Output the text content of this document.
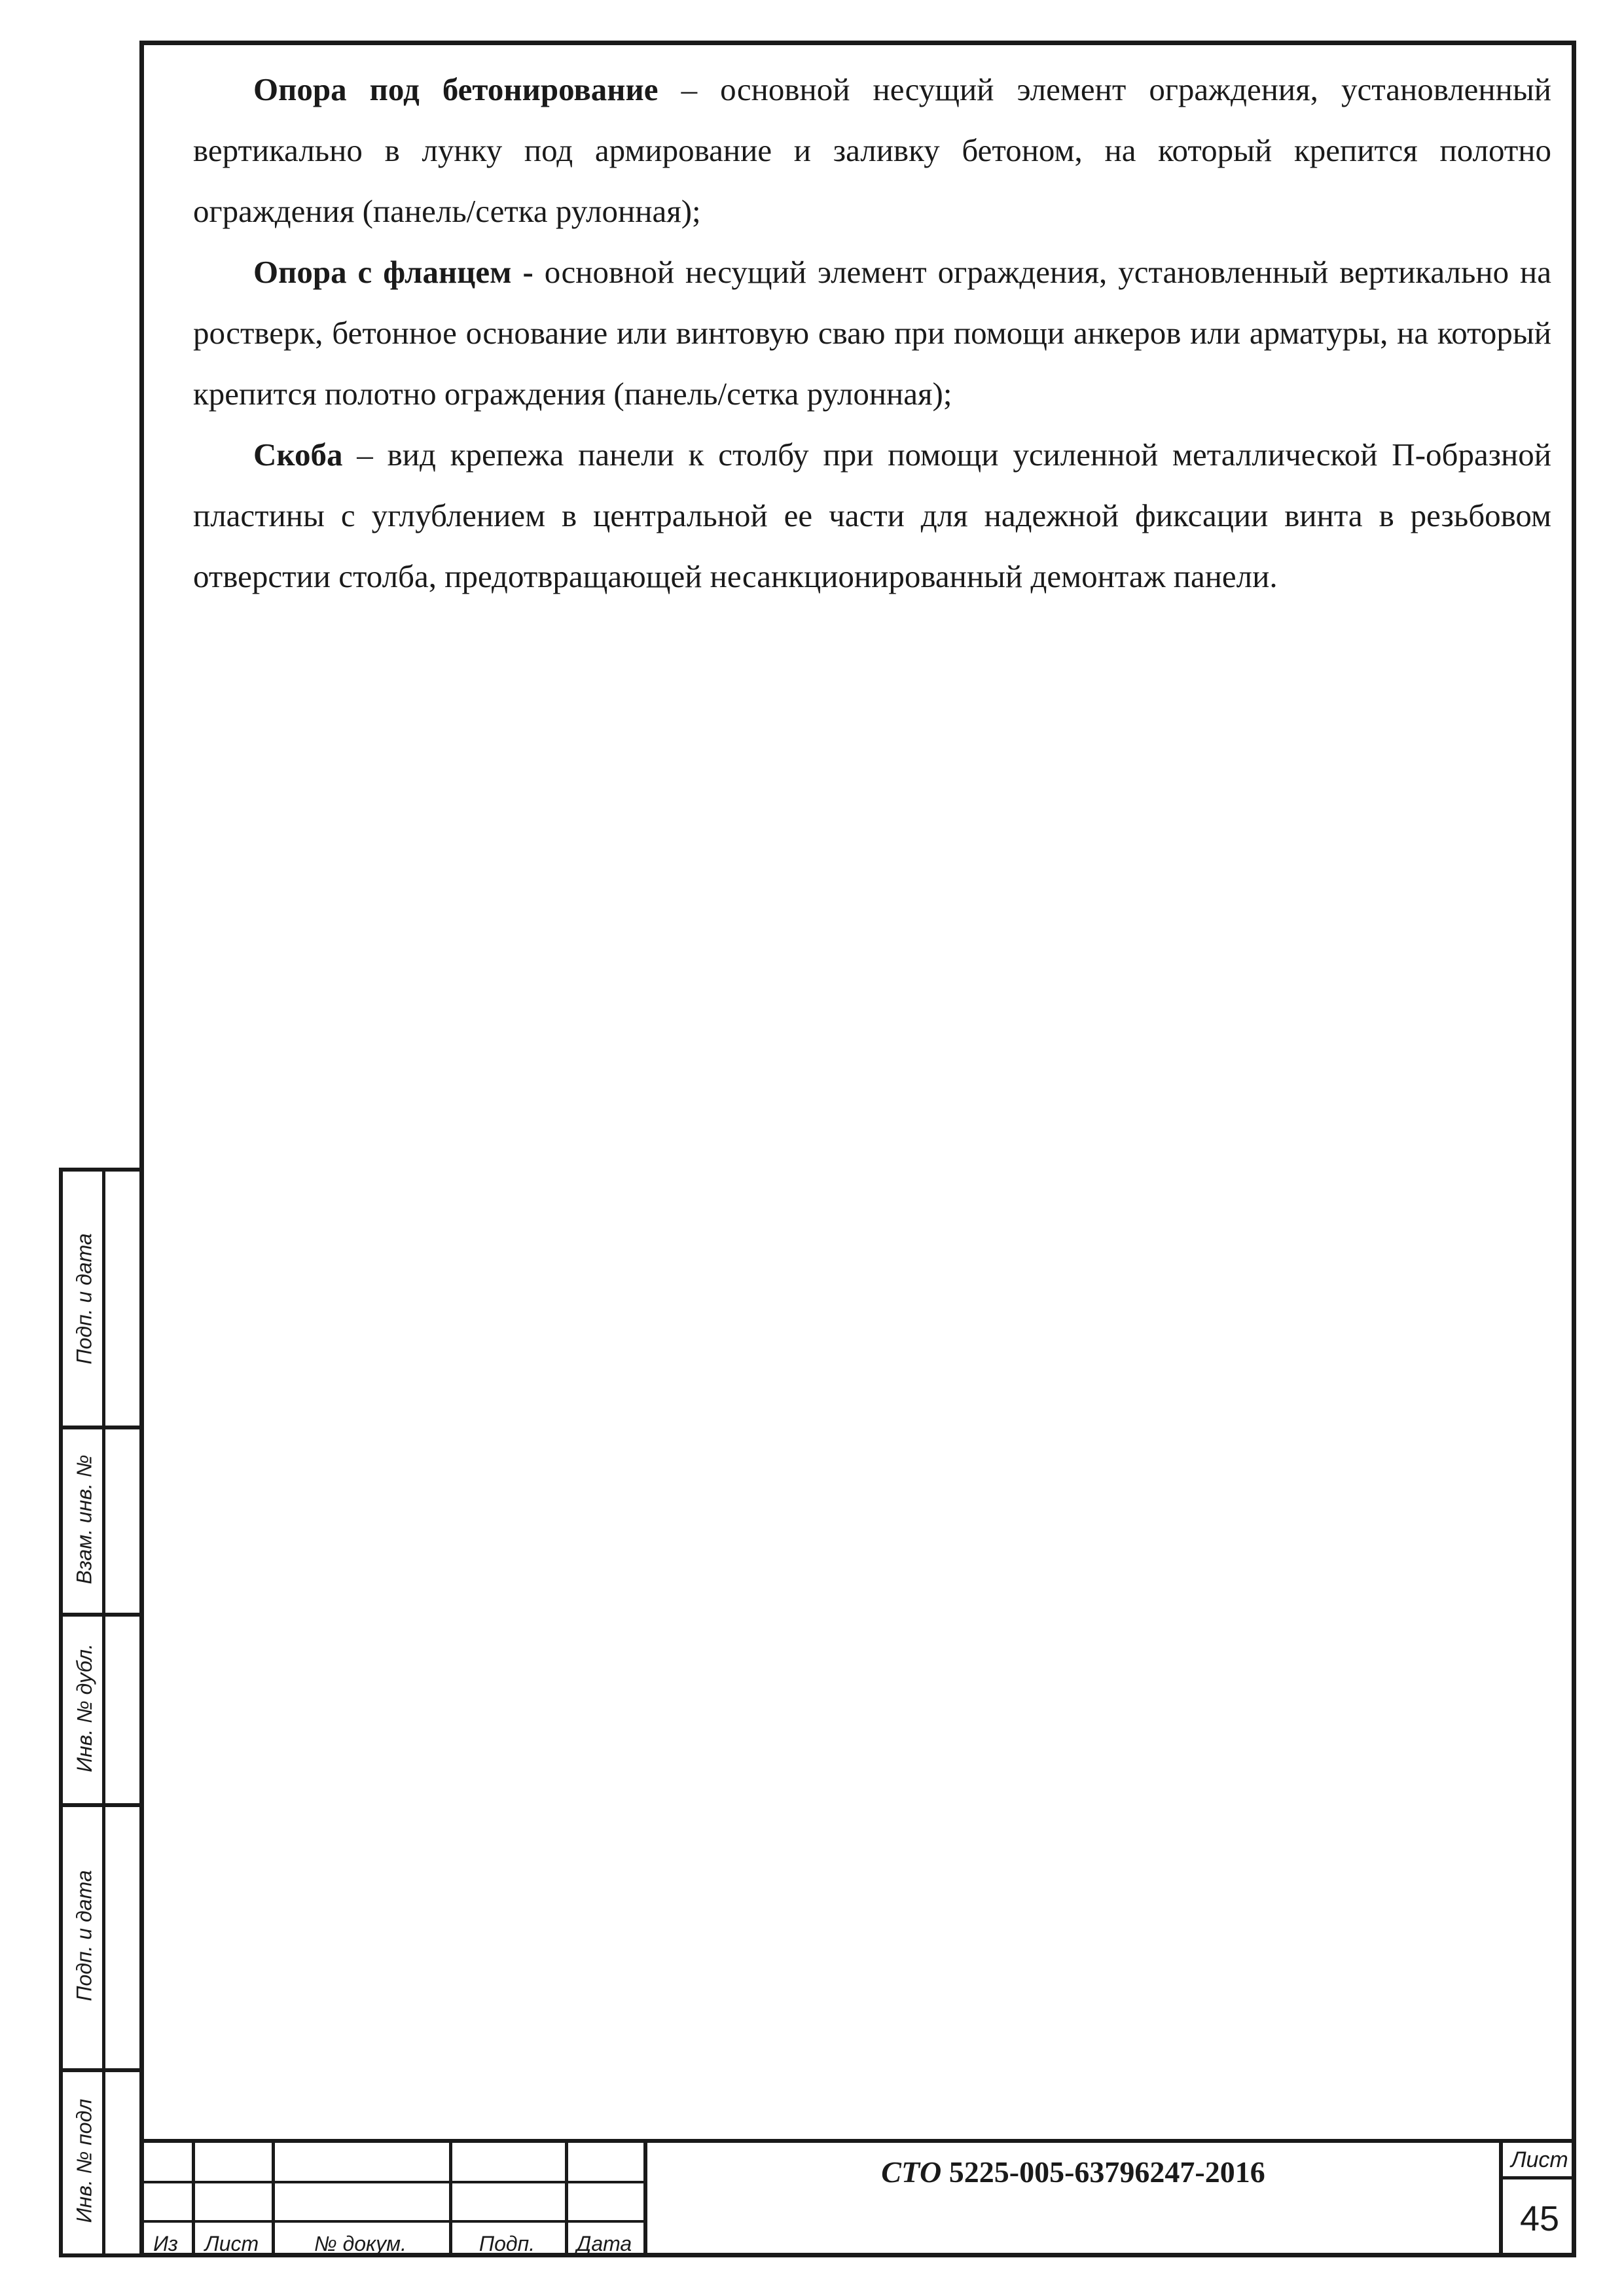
Опора под бетонирование – основной несущий элемент ограждения, установленный вертикально в лунку под армирование и заливку бетоном, на который крепится полотно ограждения (панель/сетка рулонная);

Опора с фланцем - основной несущий элемент ограждения, установленный вертикально на ростверк, бетонное основание или винтовую сваю при помощи анкеров или арматуры, на который крепится полотно ограждения (панель/сетка рулонная);

Скоба – вид крепежа панели к столбу при помощи усиленной металлической П-образной пластины с углублением в центральной ее части для надежной фиксации винта в резьбовом отверстии столба, предотвращающей несанкционированный демонтаж панели.

Подп. и дата
Взам. инв. №
Инв. № дубл.
Подп. и дата
Инв. № подл
Из	Лист	№ докум.	Подп.	Дата
СТО
5225-005-63796247-2016	Лист
45
